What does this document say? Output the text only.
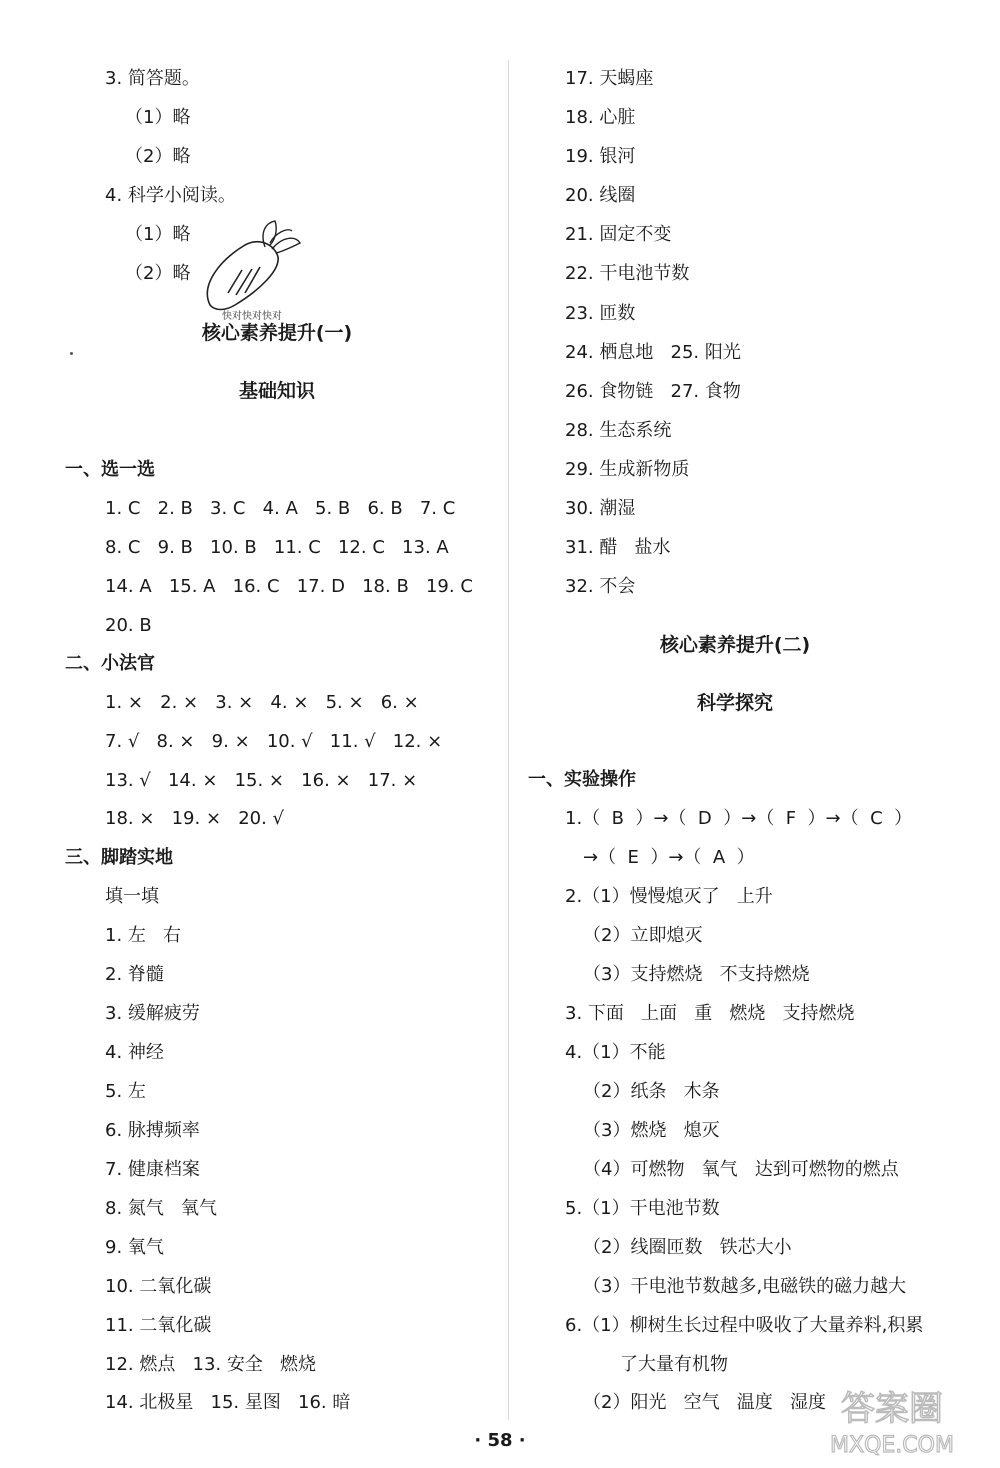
快对快对快对
3. 简答题。
（1）略
（2）略
4. 科学小阅读。
（1）略
（2）略
1. C   2. B   3. C   4. A   5. B   6. B   7. C
8. C   9. B   10. B   11. C   12. C   13. A
14. A   15. A   16. C   17. D   18. B   19. C
20. B
1. ×   2. ×   3. ×   4. ×   5. ×   6. ×
7. √   8. ×   9. ×   10. √   11. √   12. ×
13. √   14. ×   15. ×   16. ×   17. ×
18. ×   19. ×   20. √
填一填
1. 左   右
2. 脊髓
3. 缓解疲劳
4. 神经
5. 左
6. 脉搏频率
7. 健康档案
8. 氮气   氧气
9. 氧气
10. 二氧化碳
11. 二氧化碳
12. 燃点   13. 安全   燃烧
14. 北极星   15. 星图   16. 暗
一、选一选
二、小法官
三、脚踏实地
核心素养提升(一)
基础知识
17. 天蝎座
18. 心脏
19. 银河
20. 线圈
21. 固定不变
22. 干电池节数
23. 匝数
24. 栖息地   25. 阳光
26. 食物链   27. 食物
28. 生态系统
29. 生成新物质
30. 潮湿
31. 醋   盐水
32. 不会
1.（  B  ）→（  D  ）→（  F  ）→（  C  ）
→（  E  ）→（  A  ）
2.（1）慢慢熄灭了   上升
（2）立即熄灭
（3）支持燃烧   不支持燃烧
3. 下面   上面   重   燃烧   支持燃烧
4.（1）不能
（2）纸条   木条
（3）燃烧   熄灭
（4）可燃物   氧气   达到可燃物的燃点
5.（1）干电池节数
（2）线圈匝数   铁芯大小
（3）干电池节数越多,电磁铁的磁力越大
6.（1）柳树生长过程中吸收了大量养料,积累
了大量有机物
（2）阳光   空气   温度   湿度
一、实验操作
核心素养提升(二)
科学探究
· 58 ·
答案圈
MXQE.COM
